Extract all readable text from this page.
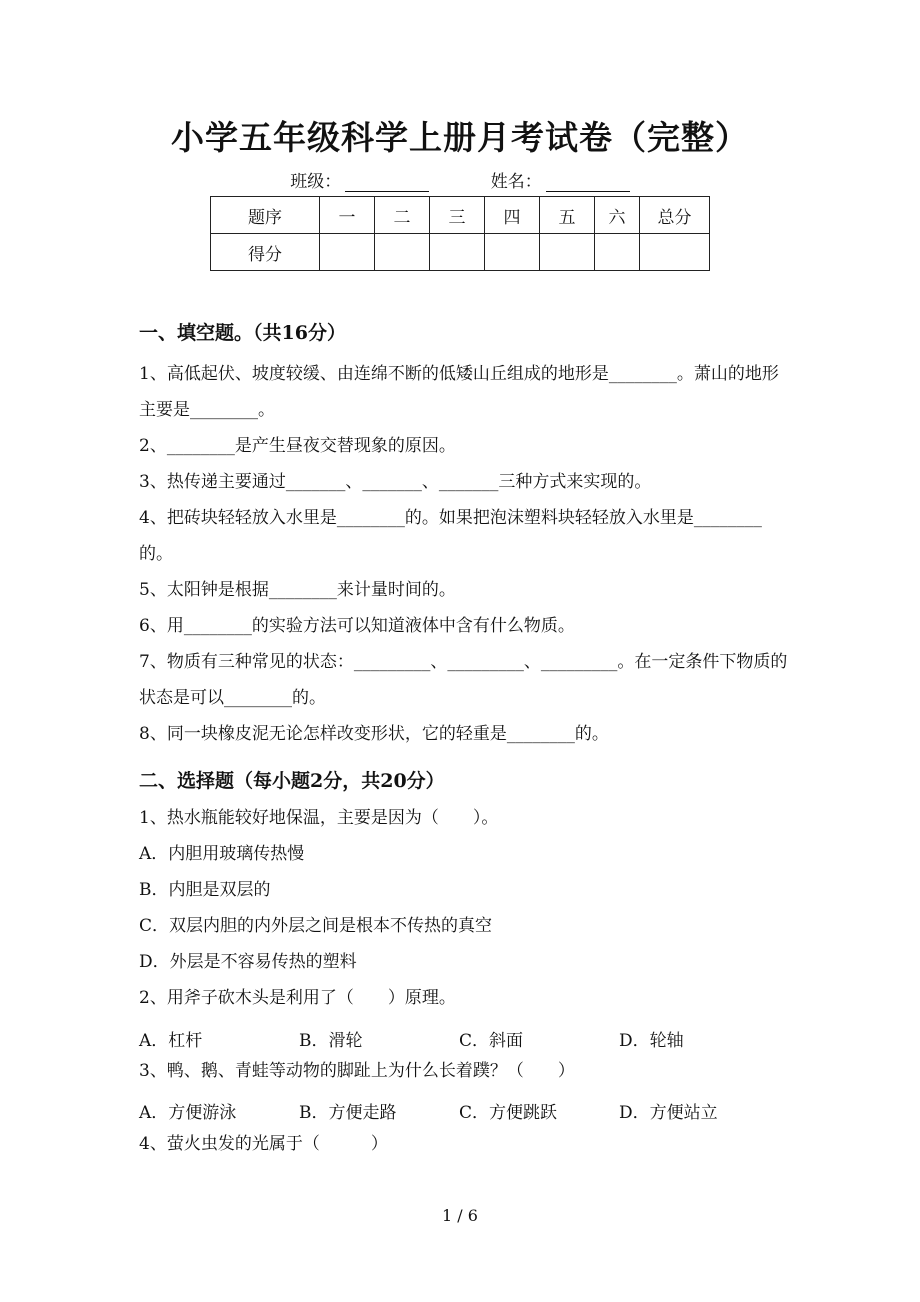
小学五年级科学上册月考试卷（完整）
班级：	姓名：
题序	一	二	三	四	五	六	总分
得分							
一、填空题。（共16分）

1、高低起伏、坡度较缓、由连绵不断的低矮山丘组成的地形是________。萧山的地形主要是________。

2、________是产生昼夜交替现象的原因。

3、热传递主要通过_______、_______、_______三种方式来实现的。

4、把砖块轻轻放入水里是________的。如果把泡沫塑料块轻轻放入水里是________的。

5、太阳钟是根据________来计量时间的。

6、用________的实验方法可以知道液体中含有什么物质。

7、物质有三种常见的状态：_________、_________、_________。在一定条件下物质的状态是可以________的。

8、同一块橡皮泥无论怎样改变形状，它的轻重是________的。

二、选择题（每小题2分，共20分）

1、热水瓶能较好地保温，主要是因为（　　）。

A．内胆用玻璃传热慢

B．内胆是双层的

C．双层内胆的内外层之间是根本不传热的真空

D．外层是不容易传热的塑料

2、用斧子砍木头是利用了（　　）原理。

A．杠杆	B．滑轮	C．斜面	D．轮轴

3、鸭、鹅、青蛙等动物的脚趾上为什么长着蹼？（　　）

A．方便游泳	B．方便走路	C．方便跳跃	D．方便站立

4、萤火虫发的光属于（　　　）

1 / 6
